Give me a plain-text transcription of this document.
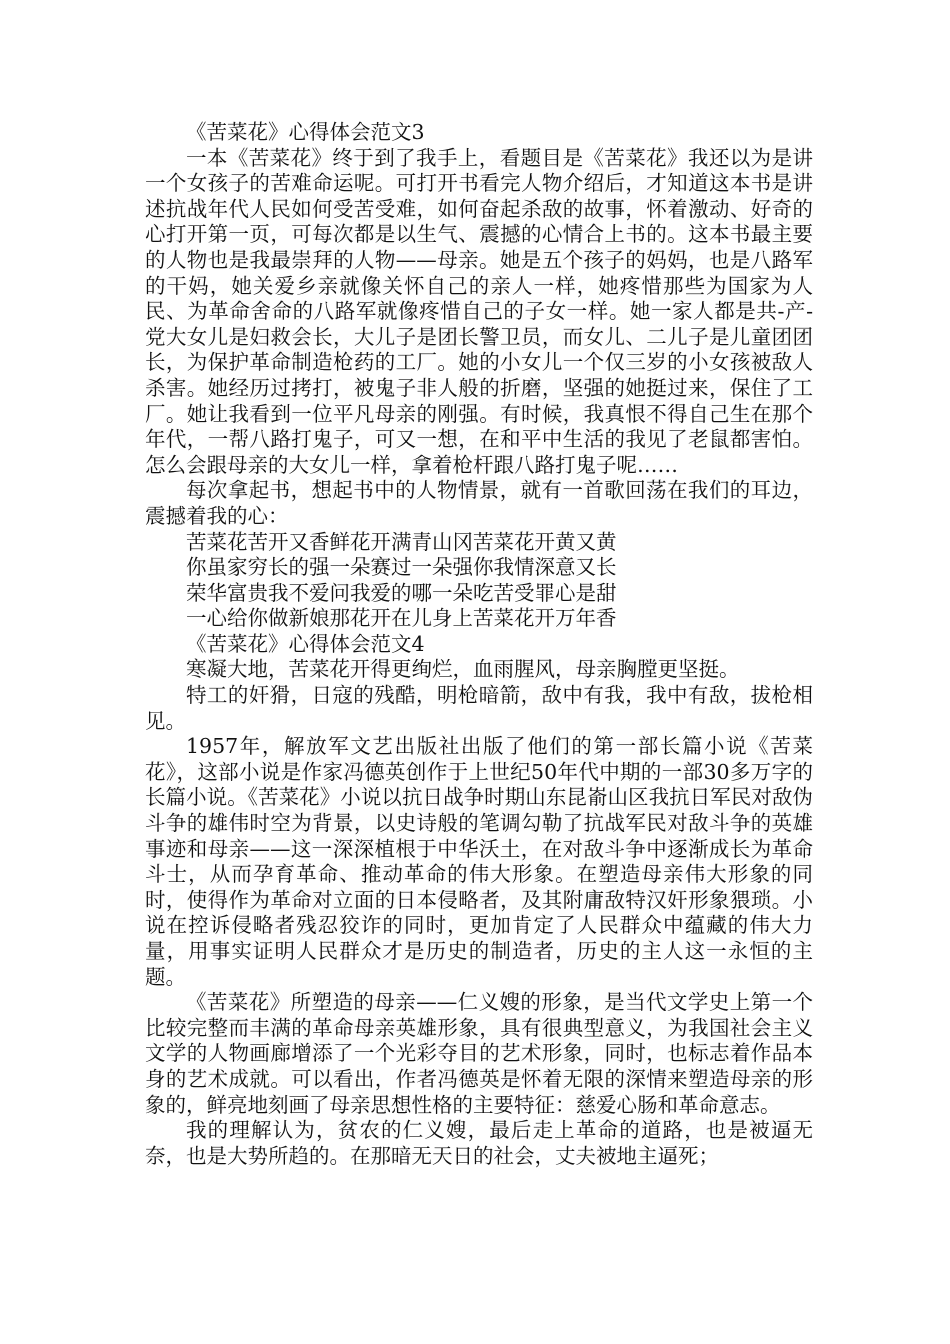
《苦菜花》心得体会范文3

一本《苦菜花》终于到了我手上，看题目是《苦菜花》我还以为是讲一个女孩子的苦难命运呢。可打开书看完人物介绍后，才知道这本书是讲述抗战年代人民如何受苦受难，如何奋起杀敌的故事，怀着激动、好奇的心打开第一页，可每次都是以生气、震撼的心情合上书的。这本书最主要的人物也是我最崇拜的人物——母亲。她是五个孩子的妈妈，也是八路军的干妈，她关爱乡亲就像关怀自己的亲人一样，她疼惜那些为国家为人民、为革命舍命的八路军就像疼惜自己的子女一样。她一家人都是共-产-党大女儿是妇救会长，大儿子是团长警卫员，而女儿、二儿子是儿童团团长，为保护革命制造枪药的工厂。她的小女儿一个仅三岁的小女孩被敌人杀害。她经历过拷打，被鬼子非人般的折磨，坚强的她挺过来，保住了工厂。她让我看到一位平凡母亲的刚强。有时候，我真恨不得自己生在那个年代，一帮八路打鬼子，可又一想，在和平中生活的我见了老鼠都害怕。怎么会跟母亲的大女儿一样，拿着枪杆跟八路打鬼子呢……

每次拿起书，想起书中的人物情景，就有一首歌回荡在我们的耳边，震撼着我的心：

苦菜花苦开又香鲜花开满青山冈苦菜花开黄又黄

你虽家穷长的强一朵赛过一朵强你我情深意又长

荣华富贵我不爱问我爱的哪一朵吃苦受罪心是甜

一心给你做新娘那花开在儿身上苦菜花开万年香

《苦菜花》心得体会范文4

寒凝大地，苦菜花开得更绚烂，血雨腥风，母亲胸膛更坚挺。

特工的奸猾，日寇的残酷，明枪暗箭，敌中有我，我中有敌，拔枪相见。

1957年，解放军文艺出版社出版了他们的第一部长篇小说《苦菜花》，这部小说是作家冯德英创作于上世纪50年代中期的一部30多万字的长篇小说。《苦菜花》小说以抗日战争时期山东昆嵛山区我抗日军民对敌伪斗争的雄伟时空为背景，以史诗般的笔调勾勒了抗战军民对敌斗争的英雄事迹和母亲——这一深深植根于中华沃土，在对敌斗争中逐渐成长为革命斗士，从而孕育革命、推动革命的伟大形象。在塑造母亲伟大形象的同时，使得作为革命对立面的日本侵略者，及其附庸敌特汉奸形象猥琐。小说在控诉侵略者残忍狡诈的同时，更加肯定了人民群众中蕴藏的伟大力量，用事实证明人民群众才是历史的制造者，历史的主人这一永恒的主题。

《苦菜花》所塑造的母亲——仁义嫂的形象，是当代文学史上第一个比较完整而丰满的革命母亲英雄形象，具有很典型意义，为我国社会主义文学的人物画廊增添了一个光彩夺目的艺术形象，同时，也标志着作品本身的艺术成就。可以看出，作者冯德英是怀着无限的深情来塑造母亲的形象的，鲜亮地刻画了母亲思想性格的主要特征：慈爱心肠和革命意志。

我的理解认为，贫农的仁义嫂，最后走上革命的道路，也是被逼无奈，也是大势所趋的。在那暗无天日的社会，丈夫被地主逼死；
